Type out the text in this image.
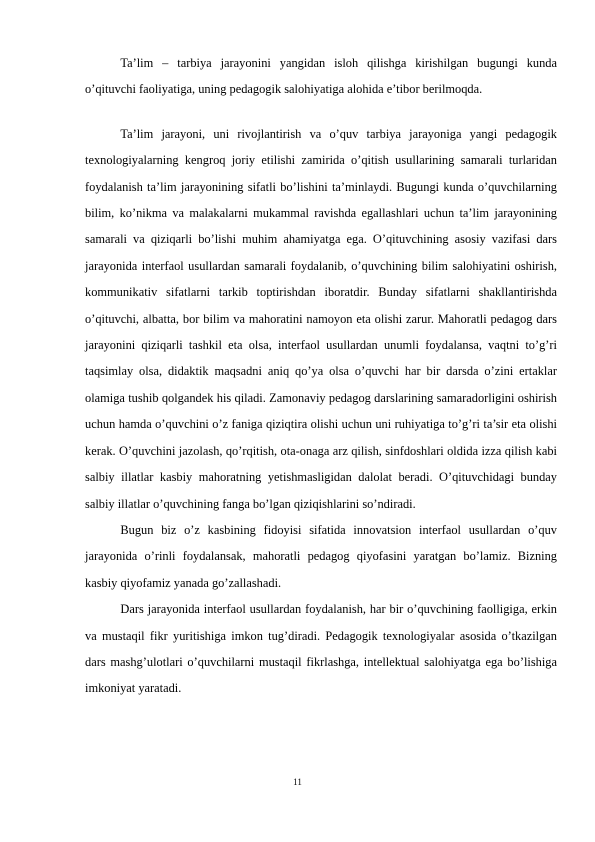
Ta’lim – tarbiya jarayonini yangidan isloh qilishga kirishilgan bugungi kunda o’qituvchi faoliyatiga, uning pedagogik salohiyatiga alohida e’tibor berilmoqda.

Ta’lim jarayoni, uni rivojlantirish va o’quv tarbiya jarayoniga yangi pedagogik texnologiyalarning kengroq joriy etilishi zamirida o’qitish usullarining samarali turlaridan foydalanish ta’lim jarayonining sifatli bo’lishini ta’minlaydi. Bugungi kunda o’quvchilarning bilim, ko’nikma va malakalarni mukammal ravishda egallashlari uchun ta’lim jarayonining samarali va qiziqarli bo’lishi muhim ahamiyatga ega. O’qituvchining asosiy vazifasi dars jarayonida interfaol usullardan samarali foydalanib, o’quvchining bilim salohiyatini oshirish, kommunikativ sifatlarni tarkib toptirishdan iboratdir. Bunday sifatlarni shakllantirishda o’qituvchi, albatta, bor bilim va mahoratini namoyon eta olishi zarur. Mahoratli pedagog dars jarayonini qiziqarli tashkil eta olsa, interfaol usullardan unumli foydalansa, vaqtni to’g’ri taqsimlay olsa, didaktik maqsadni aniq qo’ya olsa o’quvchi har bir darsda o’zini ertaklar olamiga tushib qolgandek his qiladi. Zamonaviy pedagog darslarining samaradorligini oshirish uchun hamda o’quvchini o’z faniga qiziqtira olishi uchun uni ruhiyatiga to’g’ri ta’sir eta olishi kerak. O’quvchini jazolash, qo’rqitish, ota-onaga arz qilish, sinfdoshlari oldida izza qilish kabi salbiy illatlar kasbiy mahoratning yetishmasligidan dalolat beradi. O’qituvchidagi bunday salbiy illatlar o’quvchining fanga bo’lgan qiziqishlarini so’ndiradi.

Bugun biz o’z kasbining fidoyisi sifatida innovatsion interfaol usullardan o’quv jarayonida o’rinli foydalansak, mahoratli pedagog qiyofasini yaratgan bo’lamiz. Bizning kasbiy qiyofamiz yanada go’zallashadi.

Dars jarayonida interfaol usullardan foydalanish, har bir o’quvchining faolligiga, erkin va mustaqil fikr yuritishiga imkon tug’diradi. Pedagogik texnologiyalar asosida o’tkazilgan dars mashg’ulotlari o’quvchilarni mustaqil fikrlashga, intellektual salohiyatga ega bo’lishiga imkoniyat yaratadi.

11
